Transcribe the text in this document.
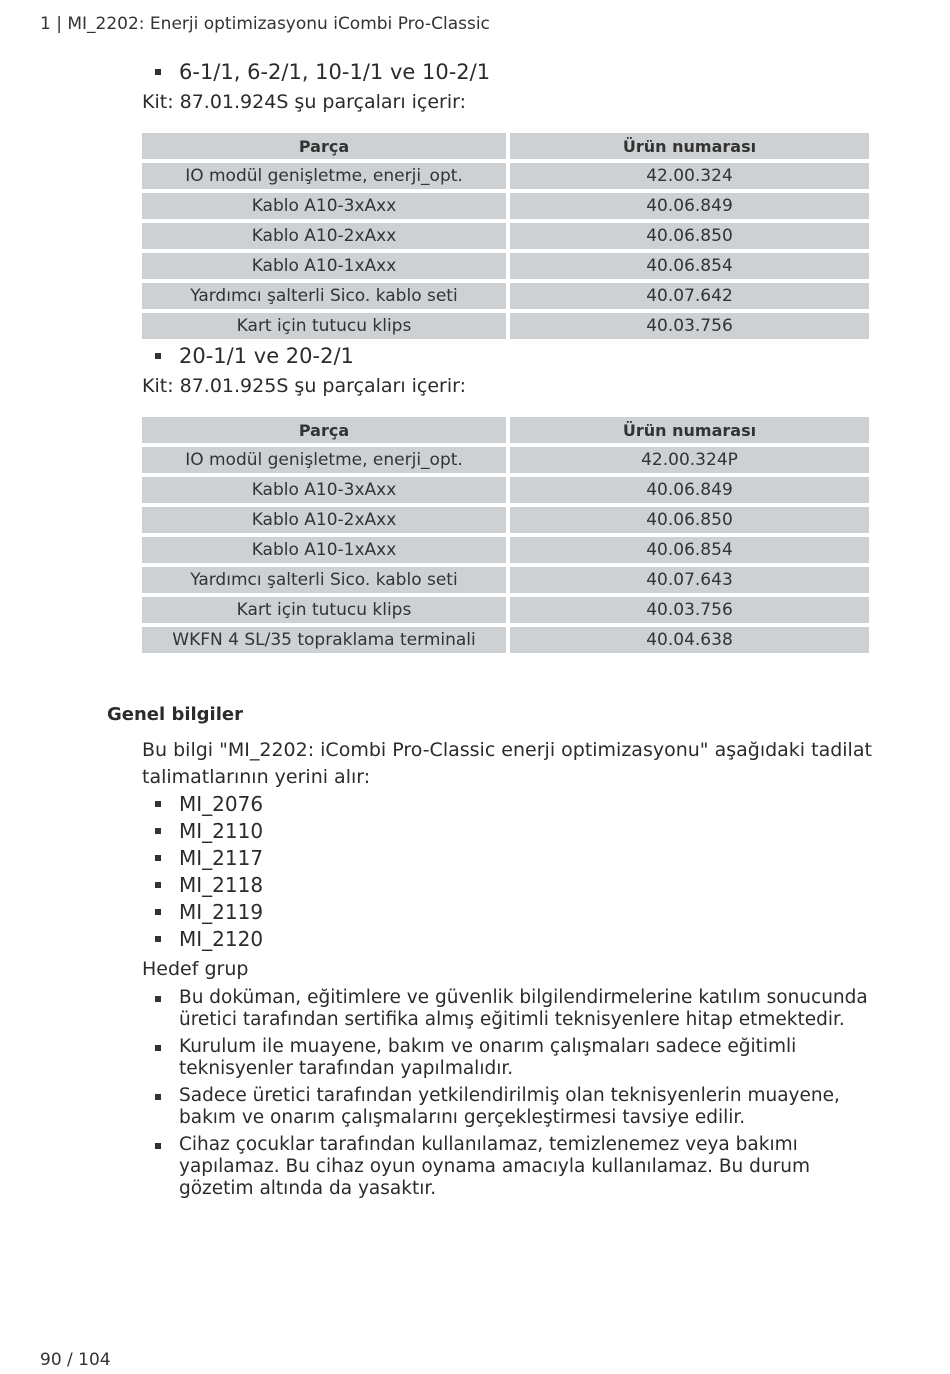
1 | MI_2202: Enerji optimizasyonu iCombi Pro-Classic
6-1/1, 6-2/1, 10-1/1 ve 10-2/1
Kit: 87.01.924S şu parçaları içerir:
Parça	Ürün numarası
IO modül genişletme, enerji_opt.	42.00.324
Kablo A10-3xAxx	40.06.849
Kablo A10-2xAxx	40.06.850
Kablo A10-1xAxx	40.06.854
Yardımcı şalterli Sico. kablo seti	40.07.642
Kart için tutucu klips	40.03.756
20-1/1 ve 20-2/1
Kit: 87.01.925S şu parçaları içerir:
Parça	Ürün numarası
IO modül genişletme, enerji_opt.	42.00.324P
Kablo A10-3xAxx	40.06.849
Kablo A10-2xAxx	40.06.850
Kablo A10-1xAxx	40.06.854
Yardımcı şalterli Sico. kablo seti	40.07.643
Kart için tutucu klips	40.03.756
WKFN 4 SL/35 topraklama terminali	40.04.638
Genel bilgiler
Bu bilgi "MI_2202: iCombi Pro-Classic enerji optimizasyonu" aşağıdaki tadilat talimatlarının yerini alır:
MI_2076
MI_2110
MI_2117
MI_2118
MI_2119
MI_2120
Hedef grup
Bu doküman, eğitimlere ve güvenlik bilgilendirmelerine katılım sonucunda üretici tarafından sertifika almış eğitimli teknisyenlere hitap etmektedir.
Kurulum ile muayene, bakım ve onarım çalışmaları sadece eğitimli teknisyenler tarafından yapılmalıdır.
Sadece üretici tarafından yetkilendirilmiş olan teknisyenlerin muayene, bakım ve onarım çalışmalarını gerçekleştirmesi tavsiye edilir.
Cihaz çocuklar tarafından kullanılamaz, temizlenemez veya bakımı yapılamaz. Bu cihaz oyun oynama amacıyla kullanılamaz. Bu durum gözetim altında da yasaktır.
90 / 104
